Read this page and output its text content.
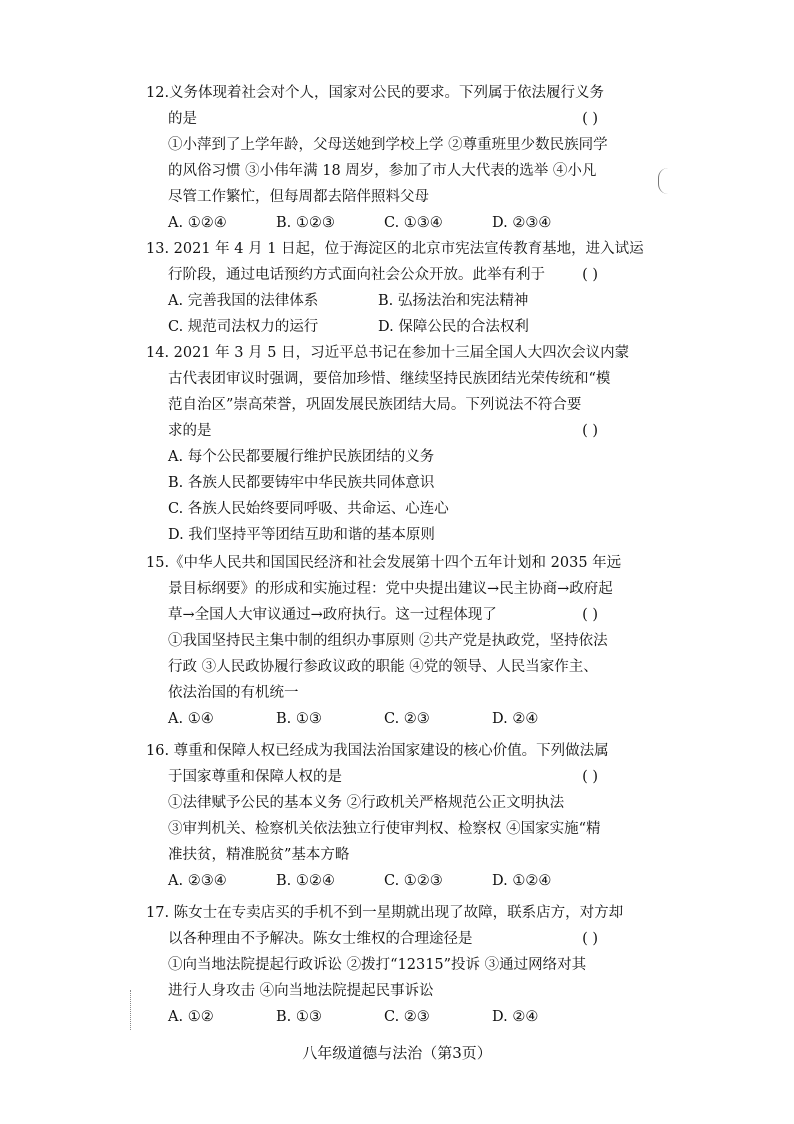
12.义务体现着社会对个人，国家对公民的要求。下列属于依法履行义务
的是	( )
①小萍到了上学年龄，父母送她到学校上学 ②尊重班里少数民族同学
的风俗习惯 ③小伟年满 18 周岁，参加了市人大代表的选举 ④小凡
尽管工作繁忙，但每周都去陪伴照料父母
A. ①②④	B. ①②③	C. ①③④	D. ②③④
13. 2021 年 4 月 1 日起，位于海淀区的北京市宪法宣传教育基地，进入试运
行阶段，通过电话预约方式面向社会公众开放。此举有利于	( )
A. 完善我国的法律体系	B. 弘扬法治和宪法精神
C. 规范司法权力的运行	D. 保障公民的合法权利
14. 2021 年 3 月 5 日，习近平总书记在参加十三届全国人大四次会议内蒙
古代表团审议时强调，要倍加珍惜、继续坚持民族团结光荣传统和“模
范自治区”崇高荣誉，巩固发展民族团结大局。下列说法不符合要
求的是	( )
A. 每个公民都要履行维护民族团结的义务
B. 各族人民都要铸牢中华民族共同体意识
C. 各族人民始终要同呼吸、共命运、心连心
D. 我们坚持平等团结互助和谐的基本原则
15.《中华人民共和国国民经济和社会发展第十四个五年计划和 2035 年远
景目标纲要》的形成和实施过程：党中央提出建议→民主协商→政府起
草→全国人大审议通过→政府执行。这一过程体现了	( )
①我国坚持民主集中制的组织办事原则 ②共产党是执政党，坚持依法
行政 ③人民政协履行参政议政的职能 ④党的领导、人民当家作主、
依法治国的有机统一
A. ①④	B. ①③	C. ②③	D. ②④
16. 尊重和保障人权已经成为我国法治国家建设的核心价值。下列做法属
于国家尊重和保障人权的是	( )
①法律赋予公民的基本义务 ②行政机关严格规范公正文明执法
③审判机关、检察机关依法独立行使审判权、检察权 ④国家实施“精
准扶贫，精准脱贫”基本方略
A. ②③④	B. ①②④	C. ①②③	D. ①②④
17. 陈女士在专卖店买的手机不到一星期就出现了故障，联系店方，对方却
以各种理由不予解决。陈女士维权的合理途径是	( )
①向当地法院提起行政诉讼 ②拨打“12315”投诉 ③通过网络对其
进行人身攻击 ④向当地法院提起民事诉讼
A. ①②	B. ①③	C. ②③	D. ②④
八年级道德与法治（第3页）
